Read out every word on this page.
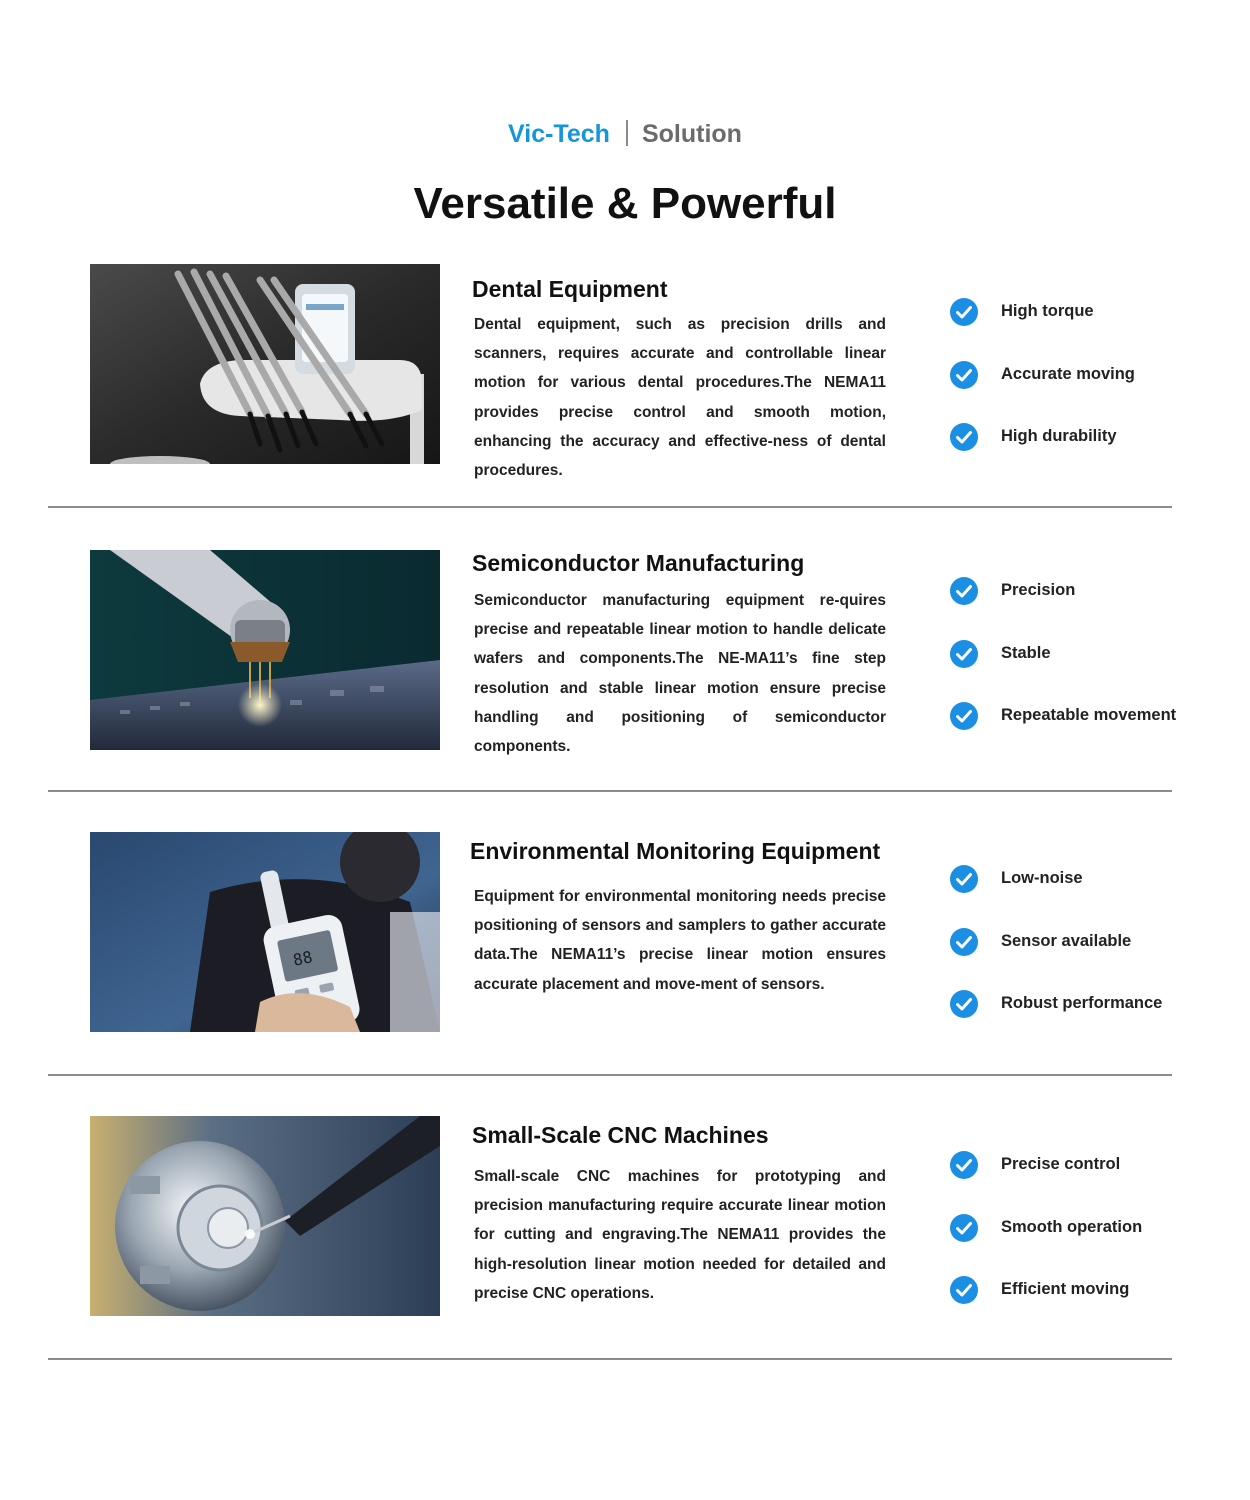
Vic-Tech Solution
Versatile & Powerful
Dental Equipment

Dental equipment, such as precision drills and scanners, requires accurate and controllable linear motion for various dental procedures.The NEMA11 provides precise control and smooth motion, enhancing the accuracy and effective-ness of dental procedures.

High torque
Accurate moving
High durability
Semiconductor Manufacturing

Semiconductor manufacturing equipment re-quires precise and repeatable linear motion to handle delicate wafers and components.The NE-MA11’s fine step resolution and stable linear motion ensure precise handling and positioning of semiconductor components.

Precision
Stable
Repeatable movement
88
Environmental Monitoring Equipment

Equipment for environmental monitoring needs precise positioning of sensors and samplers to gather accurate data.The NEMA11’s precise linear motion ensures accurate placement and move-ment of sensors.

Low-noise
Sensor available
Robust performance
Small-Scale CNC Machines

Small-scale CNC machines for prototyping and precision manufacturing require accurate linear motion for cutting and engraving.The NEMA11 provides the high-resolution linear motion needed for detailed and precise CNC operations.

Precise control
Smooth operation
Efficient moving
